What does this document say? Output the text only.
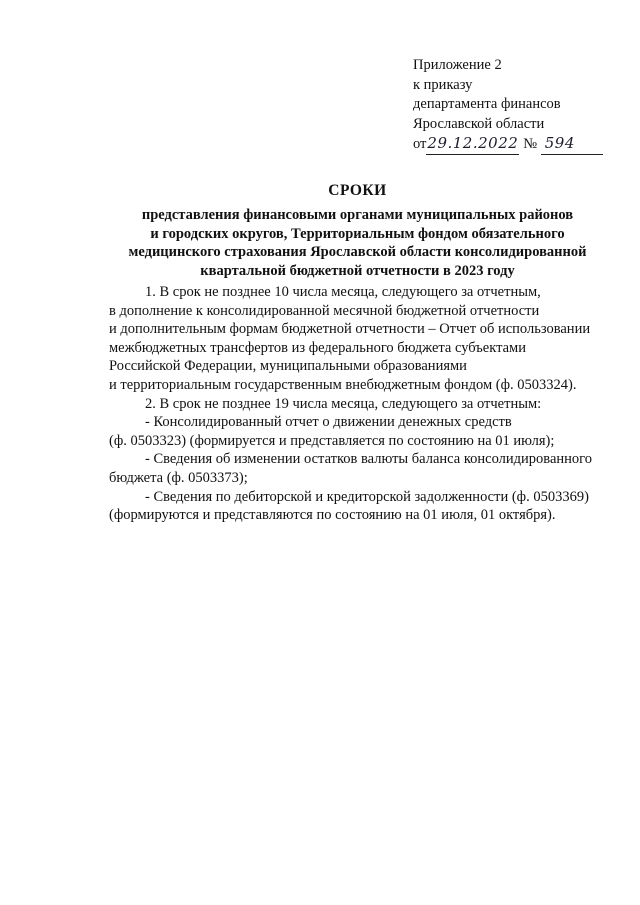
Приложение 2
к приказу
департамента финансов
Ярославской области
от29.12.2022 № 594
СРОКИ
представления финансовыми органами муниципальных районов
и городских округов, Территориальным фондом обязательного
медицинского страхования Ярославской области консолидированной
квартальной бюджетной отчетности в 2023 году

1. В срок не позднее 10 числа месяца, следующего за отчетным,

в дополнение к консолидированной месячной бюджетной отчетности

и дополнительным формам бюджетной отчетности – Отчет об использовании

межбюджетных трансфертов из федерального бюджета субъектами

Российской Федерации, муниципальными образованиями

и территориальным государственным внебюджетным фондом (ф. 0503324).

2. В срок не позднее 19 числа месяца, следующего за отчетным:

- Консолидированный отчет о движении денежных средств

(ф. 0503323) (формируется и представляется по состоянию на 01 июля);

- Сведения об изменении остатков валюты баланса консолидированного

бюджета (ф. 0503373);

- Сведения по дебиторской и кредиторской задолженности (ф. 0503369)

(формируются и представляются по состоянию на 01 июля, 01 октября).
